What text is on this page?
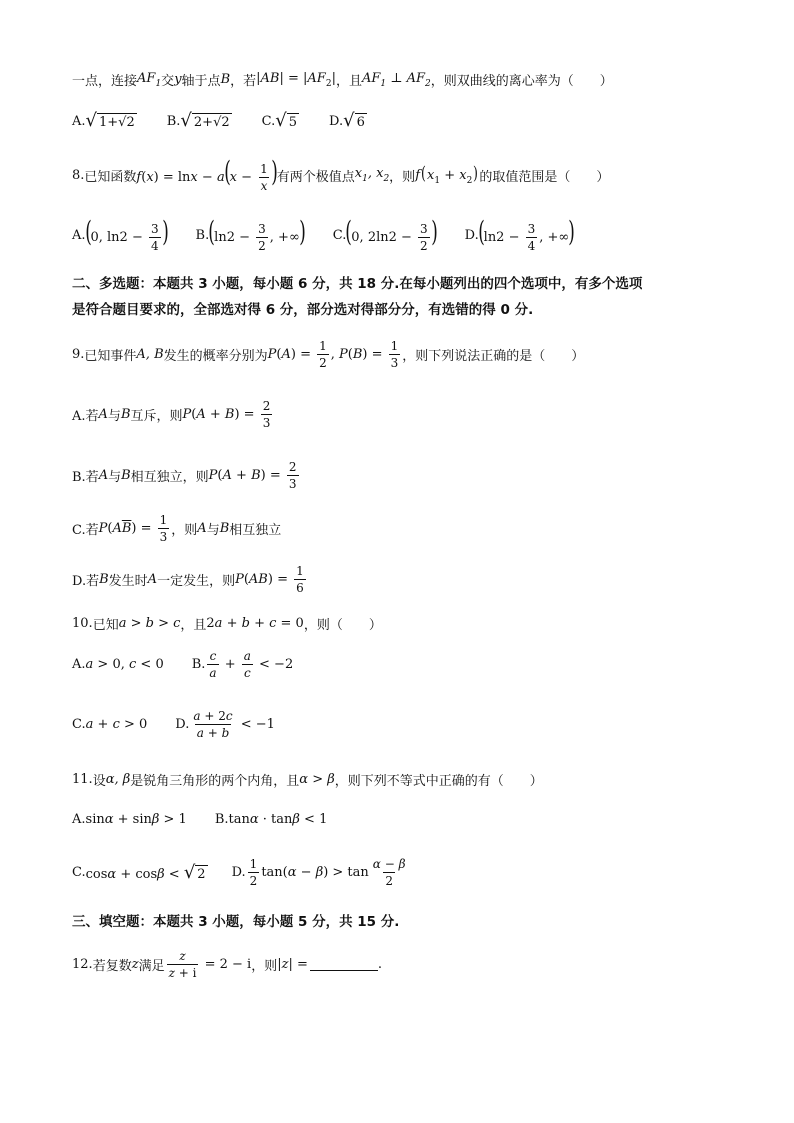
一点，连接 $AF_1$ 交 y 轴于点 B ，若 $|AB| = |AF_2|$ ，且 $AF_1$ ⊥ $AF_2$ ，则双曲线的离心率为（　　）
A. √ 1+√2 B. √ 2+√2 C. √ 5 D. √ 6
8. 已知函数 $f(x) = \ln x - a(x - \frac{1}{x}$ ) 有两个极值点 $x_1$, $x_2$ ，则 $f(x_1 + x_2)$ 的取值范围是（　　）
A. (0, $\ln 2 - \frac{3}{4}$ ) B. ($\ln 2 - \frac{3}{2}$ , +∞) C. (0, $2\ln 2 - \frac{3}{2}$ ) D. ($\ln 2 - \frac{3}{4}$ , +∞)
二、多选题：本题共 3 小题，每小题 6 分，共 18 分.在每小题列出的四个选项中，有多个选项
是符合题目要求的，全部选对得 6 分，部分选对得部分分，有选错的得 0 分.
9. 已知事件 A, B 发生的概率分别为 $P(A) = \frac{1}{2}$ , $P(B) = \frac{1}{3}$ ，则下列说法正确的是（　　）
A.若 A 与 B 互斥，则 $P(A + B) = \frac{2}{3}$
B.若 A 与 B 相互独立，则 $P(A + B) = \frac{2}{3}$
C.若 $P(A\overline{B}) = \frac{1}{3}$ ，则 A 与 B 相互独立
D.若 B 发生时 A 一定发生，则 $P(AB) = \frac{1}{6}$
10. 已知 a > b > c ，且 2a + b + c = 0 ，则（　　）
A. a > 0, c < 0 B. $\frac{c}{a} + \frac{a}{c} < -2$
C. a + c > 0 D. $\frac{a + 2c}{a + b} < -1$
11. 设 α, β 是锐角三角形的两个内角，且 α > β ，则下列不等式中正确的有（　　）
A. sinα + sinβ > 1 B. tanα · tanβ < 1
C. cosα + cosβ < √ 2 D. $\frac{1}{2} \tan(\alpha - \beta) > \tan \frac{\alpha - \beta}{2}$
三、填空题：本题共 3 小题，每小题 5 分，共 15 分.
12. 若复数 z 满足 $\frac{z}{z + i} = 2 - i$ ，则 |z| =	.
